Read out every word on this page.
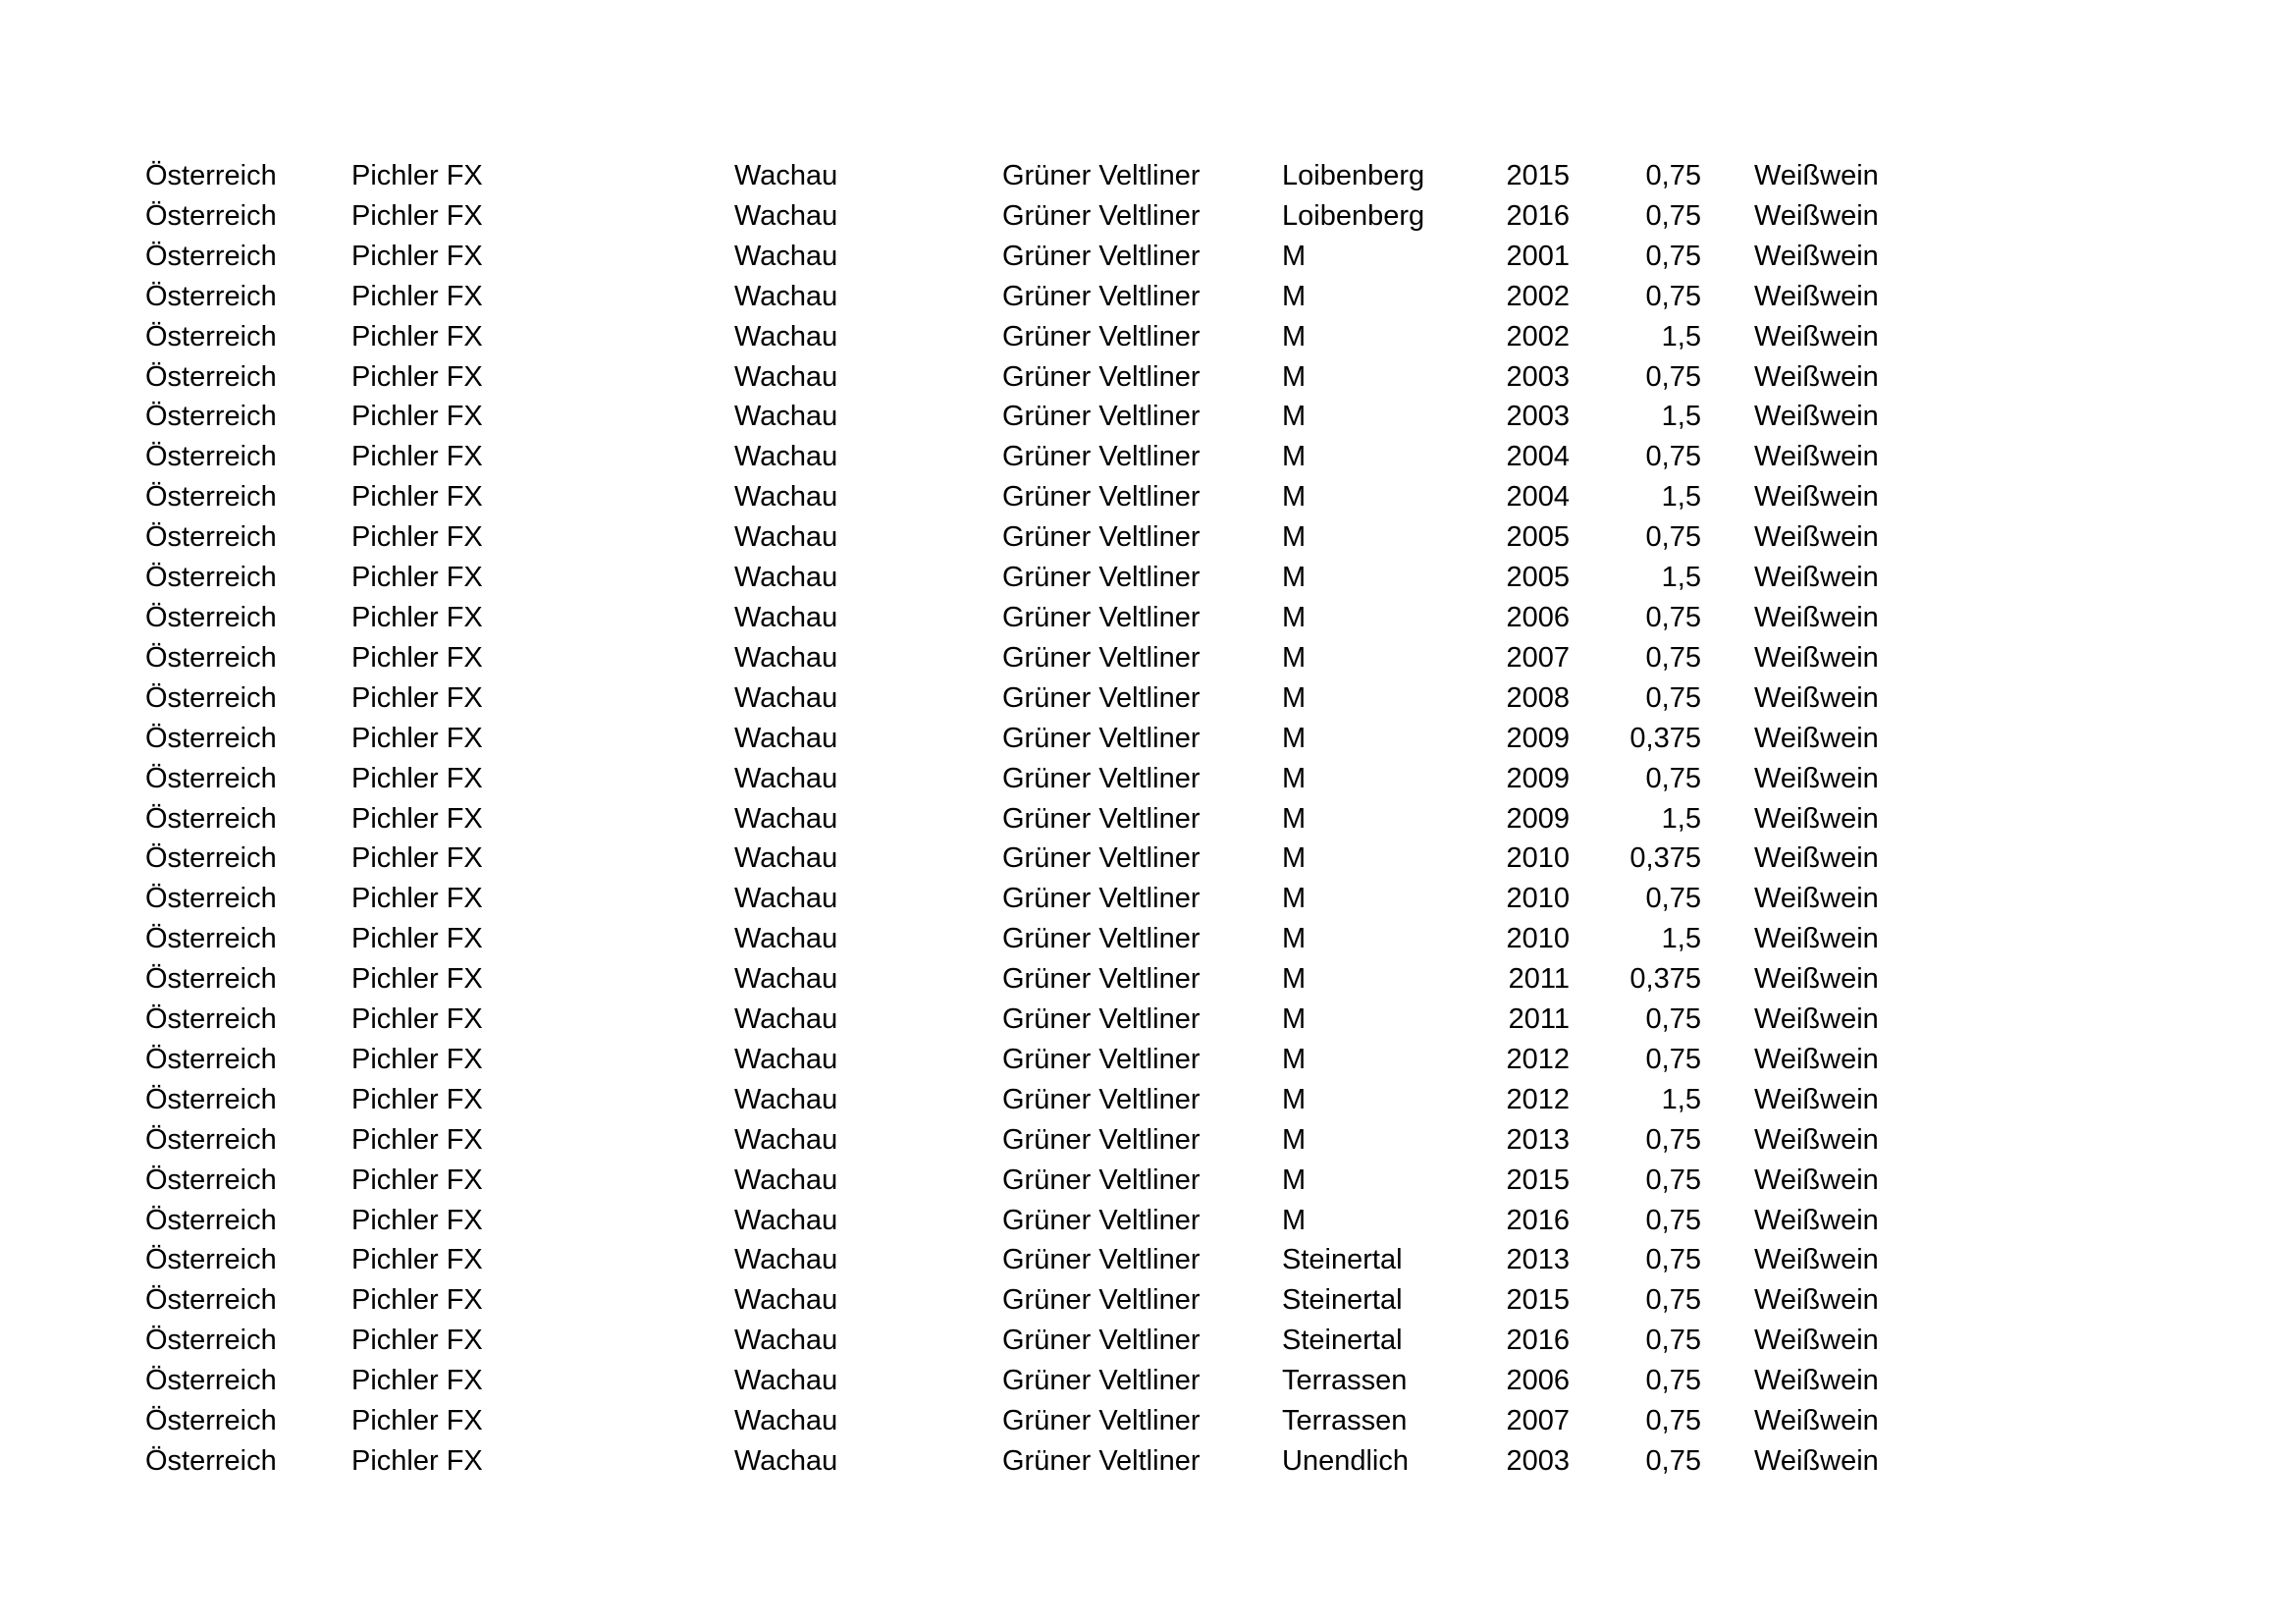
Österreich	Pichler FX	Wachau	Grüner Veltliner	Loibenberg	2015	0,75	Weißwein
Österreich	Pichler FX	Wachau	Grüner Veltliner	Loibenberg	2016	0,75	Weißwein
Österreich	Pichler FX	Wachau	Grüner Veltliner	M	2001	0,75	Weißwein
Österreich	Pichler FX	Wachau	Grüner Veltliner	M	2002	0,75	Weißwein
Österreich	Pichler FX	Wachau	Grüner Veltliner	M	2002	1,5	Weißwein
Österreich	Pichler FX	Wachau	Grüner Veltliner	M	2003	0,75	Weißwein
Österreich	Pichler FX	Wachau	Grüner Veltliner	M	2003	1,5	Weißwein
Österreich	Pichler FX	Wachau	Grüner Veltliner	M	2004	0,75	Weißwein
Österreich	Pichler FX	Wachau	Grüner Veltliner	M	2004	1,5	Weißwein
Österreich	Pichler FX	Wachau	Grüner Veltliner	M	2005	0,75	Weißwein
Österreich	Pichler FX	Wachau	Grüner Veltliner	M	2005	1,5	Weißwein
Österreich	Pichler FX	Wachau	Grüner Veltliner	M	2006	0,75	Weißwein
Österreich	Pichler FX	Wachau	Grüner Veltliner	M	2007	0,75	Weißwein
Österreich	Pichler FX	Wachau	Grüner Veltliner	M	2008	0,75	Weißwein
Österreich	Pichler FX	Wachau	Grüner Veltliner	M	2009	0,375	Weißwein
Österreich	Pichler FX	Wachau	Grüner Veltliner	M	2009	0,75	Weißwein
Österreich	Pichler FX	Wachau	Grüner Veltliner	M	2009	1,5	Weißwein
Österreich	Pichler FX	Wachau	Grüner Veltliner	M	2010	0,375	Weißwein
Österreich	Pichler FX	Wachau	Grüner Veltliner	M	2010	0,75	Weißwein
Österreich	Pichler FX	Wachau	Grüner Veltliner	M	2010	1,5	Weißwein
Österreich	Pichler FX	Wachau	Grüner Veltliner	M	2011	0,375	Weißwein
Österreich	Pichler FX	Wachau	Grüner Veltliner	M	2011	0,75	Weißwein
Österreich	Pichler FX	Wachau	Grüner Veltliner	M	2012	0,75	Weißwein
Österreich	Pichler FX	Wachau	Grüner Veltliner	M	2012	1,5	Weißwein
Österreich	Pichler FX	Wachau	Grüner Veltliner	M	2013	0,75	Weißwein
Österreich	Pichler FX	Wachau	Grüner Veltliner	M	2015	0,75	Weißwein
Österreich	Pichler FX	Wachau	Grüner Veltliner	M	2016	0,75	Weißwein
Österreich	Pichler FX	Wachau	Grüner Veltliner	Steinertal	2013	0,75	Weißwein
Österreich	Pichler FX	Wachau	Grüner Veltliner	Steinertal	2015	0,75	Weißwein
Österreich	Pichler FX	Wachau	Grüner Veltliner	Steinertal	2016	0,75	Weißwein
Österreich	Pichler FX	Wachau	Grüner Veltliner	Terrassen	2006	0,75	Weißwein
Österreich	Pichler FX	Wachau	Grüner Veltliner	Terrassen	2007	0,75	Weißwein
Österreich	Pichler FX	Wachau	Grüner Veltliner	Unendlich	2003	0,75	Weißwein
